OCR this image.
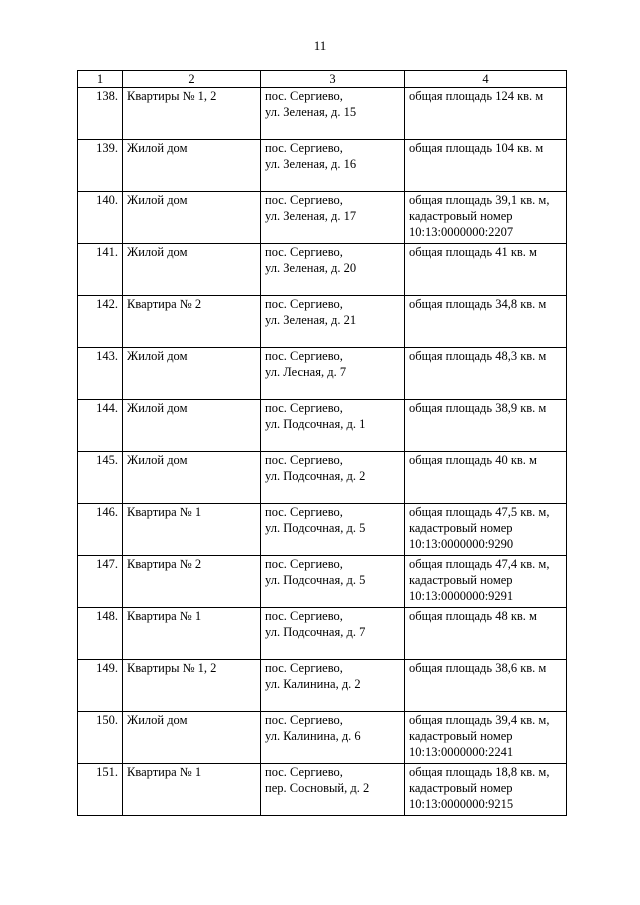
11
1	2	3	4
138.	Квартиры № 1, 2	пос. Сергиево,
ул. Зеленая, д. 15	общая площадь 124 кв. м

139.	Жилой дом	пос. Сергиево,
ул. Зеленая, д. 16	общая площадь 104 кв. м

140.	Жилой дом	пос. Сергиево,
ул. Зеленая, д. 17	общая площадь 39,1 кв. м,
кадастровый номер
10:13:0000000:2207

141.	Жилой дом	пос. Сергиево,
ул. Зеленая, д. 20	общая площадь 41 кв. м

142.	Квартира № 2	пос. Сергиево,
ул. Зеленая, д. 21	общая площадь 34,8 кв. м

143.	Жилой дом	пос. Сергиево,
ул. Лесная, д. 7	общая площадь 48,3 кв. м

144.	Жилой дом	пос. Сергиево,
ул. Подсочная, д. 1	общая площадь 38,9 кв. м

145.	Жилой дом	пос. Сергиево,
ул. Подсочная, д. 2	общая площадь 40 кв. м

146.	Квартира № 1	пос. Сергиево,
ул. Подсочная, д. 5	общая площадь 47,5 кв. м,
кадастровый номер
10:13:0000000:9290

147.	Квартира № 2	пос. Сергиево,
ул. Подсочная, д. 5	общая площадь 47,4 кв. м,
кадастровый номер
10:13:0000000:9291

148.	Квартира № 1	пос. Сергиево,
ул. Подсочная, д. 7	общая площадь 48 кв. м

149.	Квартиры № 1, 2	пос. Сергиево,
ул. Калинина, д. 2	общая площадь 38,6 кв. м

150.	Жилой дом	пос. Сергиево,
ул. Калинина, д. 6	общая площадь 39,4 кв. м,
кадастровый номер
10:13:0000000:2241

151.	Квартира № 1	пос. Сергиево,
пер. Сосновый, д. 2	общая площадь 18,8 кв. м,
кадастровый номер
10:13:0000000:9215
